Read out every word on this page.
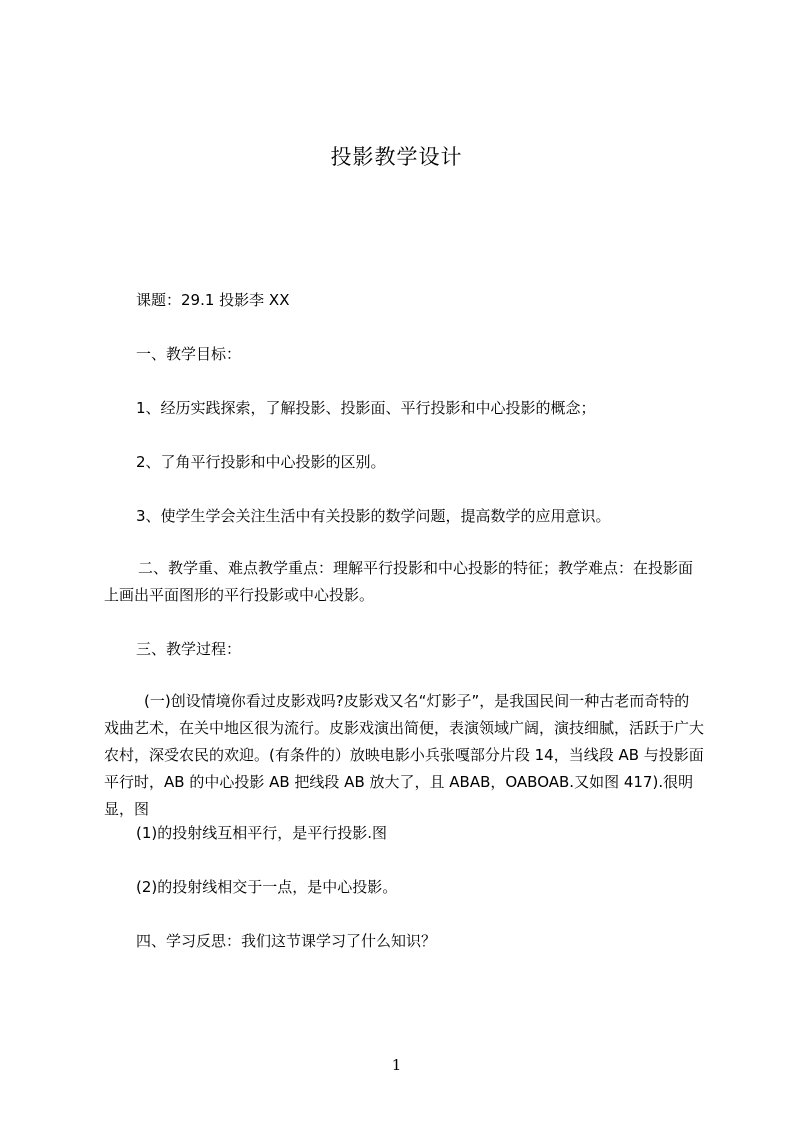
投影教学设计

课题：29.1 投影李 XX

一、教学目标：

1、经历实践探索，了解投影、投影面、平行投影和中心投影的概念；

2、了角平行投影和中心投影的区别。

3、使学生学会关注生活中有关投影的数学问题，提高数学的应用意识。

二、教学重、难点教学重点：理解平行投影和中心投影的特征；教学难点：在投影面上画出平面图形的平行投影或中心投影。

三、教学过程：

(一)创设情境你看过皮影戏吗?皮影戏又名“灯影子”，是我国民间一种古老而奇特的戏曲艺术，在关中地区很为流行。皮影戏演出简便，表演领域广阔，演技细腻，活跃于广大农村，深受农民的欢迎。(有条件的）放映电影小兵张嘎部分片段 14，当线段 AB 与投影面平行时，AB 的中心投影 AB 把线段 AB 放大了，且 ABAB，OABOAB.又如图 417).很明显，图

(1)的投射线互相平行，是平行投影.图

(2)的投射线相交于一点，是中心投影。

四、学习反思：我们这节课学习了什么知识？

1
